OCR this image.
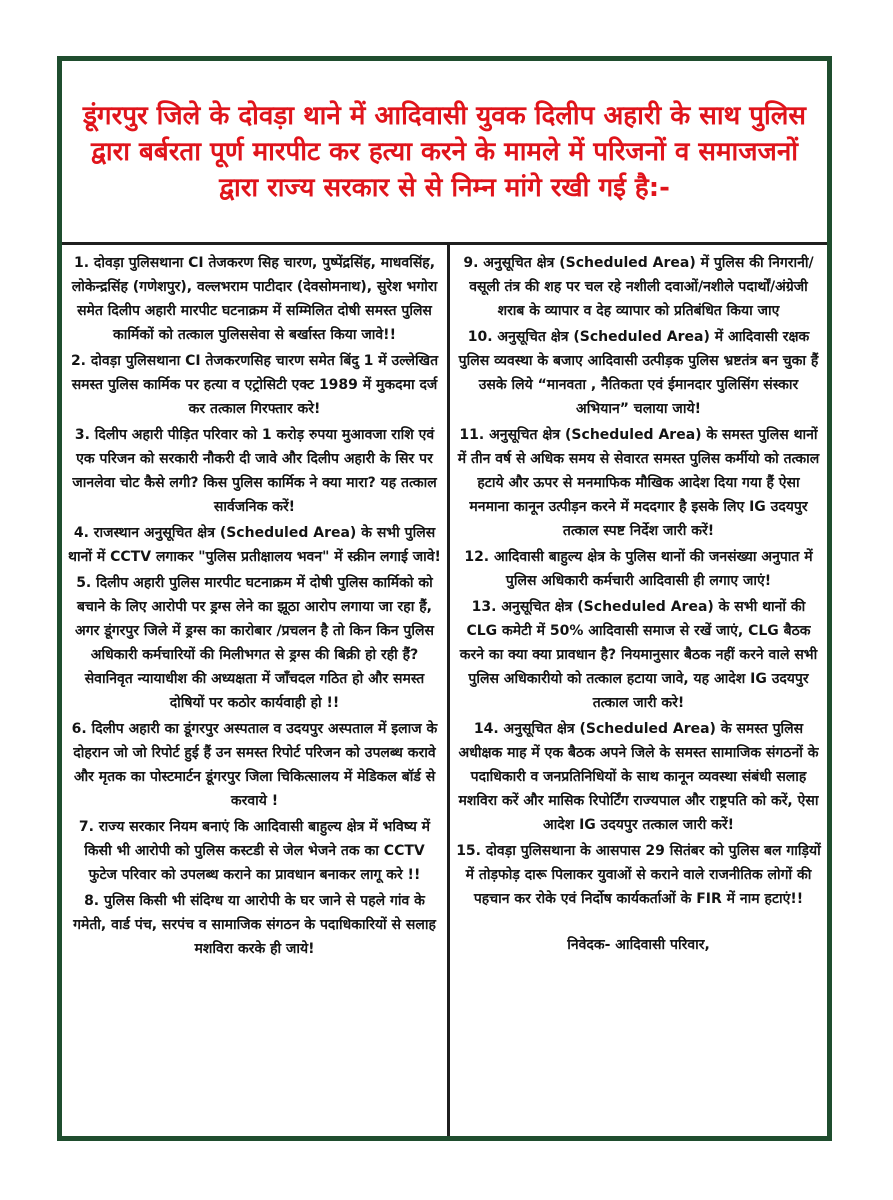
डूंगरपुर जिले के दोवड़ा थाने में आदिवासी युवक दिलीप अहारी के साथ पुलिस द्वारा बर्बरता पूर्ण मारपीट कर हत्या करने के मामले में परिजनों व समाजजनों द्वारा राज्य सरकार से से निम्न मांगे रखी गई है:-

1. दोवड़ा पुलिसथाना CI तेजकरण सिह चारण, पुष्पेंद्रसिंह, माधवसिंह, लोकेन्द्रसिंह (गणेशपुर), वल्लभराम पाटीदार (देवसोमनाथ), सुरेश भगोरा समेत दिलीप अहारी मारपीट घटनाक्रम में सम्मिलित दोषी समस्त पुलिस कार्मिकों को तत्काल पुलिससेवा से बर्खास्त किया जावे!!

2. दोवड़ा पुलिसथाना CI तेजकरणसिह चारण समेत बिंदु 1 में उल्लेखित समस्त पुलिस कार्मिक पर हत्या व एट्रोसिटी एक्ट 1989 में मुकदमा दर्ज कर तत्काल गिरफ्तार करे!

3. दिलीप अहारी पीड़ित परिवार को 1 करोड़ रुपया मुआवजा राशि एवं एक परिजन को सरकारी नौकरी दी जावे और दिलीप अहारी के सिर पर जानलेवा चोट कैसे लगी? किस पुलिस कार्मिक ने क्या मारा? यह तत्काल सार्वजनिक करें!

4. राजस्थान अनुसूचित क्षेत्र (Scheduled Area) के सभी पुलिस थानों में CCTV लगाकर "पुलिस प्रतीक्षालय भवन" में स्क्रीन लगाई जावे!

5. दिलीप अहारी पुलिस मारपीट घटनाक्रम में दोषी पुलिस कार्मिको को बचाने के लिए आरोपी पर ड्रग्स लेने का झूठा आरोप लगाया जा रहा हैं, अगर डूंगरपुर जिले में ड्रग्स का कारोबार /प्रचलन है तो किन किन पुलिस अधिकारी कर्मचारियों की मिलीभगत से ड्रग्स की बिक्री हो रही हैं? सेवानिवृत न्यायाधीश की अध्यक्षता में जाँचदल गठित हो और समस्त दोषियों पर कठोर कार्यवाही हो !!

6. दिलीप अहारी का डूंगरपुर अस्पताल व उदयपुर अस्पताल में इलाज के दोहरान जो जो रिपोर्ट हुई हैं उन समस्त रिपोर्ट परिजन को उपलब्ध करावे और मृतक का पोस्टमार्टन डूंगरपुर जिला चिकित्सालय में मेडिकल बॉर्ड से करवाये !

7. राज्य सरकार नियम बनाएं कि आदिवासी बाहुल्य क्षेत्र में भविष्य में किसी भी आरोपी को पुलिस कस्टडी से जेल भेजने तक का CCTV फुटेज परिवार को उपलब्ध कराने का प्रावधान बनाकर लागू करे !!

8. पुलिस किसी भी संदिग्ध या आरोपी के घर जाने से पहले गांव के गमेती, वार्ड पंच, सरपंच व सामाजिक संगठन के पदाधिकारियों से सलाह मशविरा करके ही जाये!

9. अनुसूचित क्षेत्र (Scheduled Area) में पुलिस की निगरानी/वसूली तंत्र की शह पर चल रहे नशीली दवाओं/नशीले पदार्थों/अंग्रेजी शराब के व्यापार व देह व्यापार को प्रतिबंधित किया जाए

10. अनुसूचित क्षेत्र (Scheduled Area) में आदिवासी रक्षक पुलिस व्यवस्था के बजाए आदिवासी उत्पीड़क पुलिस भ्रष्टतंत्र बन चुका हैं उसके लिये “मानवता , नैतिकता एवं ईमानदार पुलिसिंग संस्कार अभियान” चलाया जाये!

11. अनुसूचित क्षेत्र (Scheduled Area) के समस्त पुलिस थानों में तीन वर्ष से अधिक समय से सेवारत समस्त पुलिस कर्मीयो को तत्काल हटाये और ऊपर से मनमाफिक मौखिक आदेश दिया गया हैं ऐसा मनमाना कानून उत्पीड़न करने में मददगार है इसके लिए IG उदयपुर तत्काल स्पष्ट निर्देश जारी करें!

12. आदिवासी बाहुल्य क्षेत्र के पुलिस थानों की जनसंख्या अनुपात में पुलिस अधिकारी कर्मचारी आदिवासी ही लगाए जाएं!

13. अनुसूचित क्षेत्र (Scheduled Area) के सभी थानों की CLG कमेटी में 50% आदिवासी समाज से रखें जाएं, CLG बैठक करने का क्या क्या प्रावधान है? नियमानुसार बैठक नहीं करने वाले सभी पुलिस अधिकारीयो को तत्काल हटाया जावे, यह आदेश IG उदयपुर तत्काल जारी करे!

14. अनुसूचित क्षेत्र (Scheduled Area) के समस्त पुलिस अधीक्षक माह में एक बैठक अपने जिले के समस्त सामाजिक संगठनों के पदाधिकारी व जनप्रतिनिधियों के साथ कानून व्यवस्था संबंधी सलाह मशविरा करें और मासिक रिपोर्टिंग राज्यपाल और राष्ट्रपति को करें, ऐसा आदेश IG उदयपुर तत्काल जारी करें!

15. दोवड़ा पुलिसथाना के आसपास 29 सितंबर को पुलिस बल गाड़ियों में तोड़फोड़ दारू पिलाकर युवाओं से कराने वाले राजनीतिक लोगों की पहचान कर रोके एवं निर्दोष कार्यकर्ताओं के FIR में नाम हटाएं!!

निवेदक- आदिवासी परिवार,
